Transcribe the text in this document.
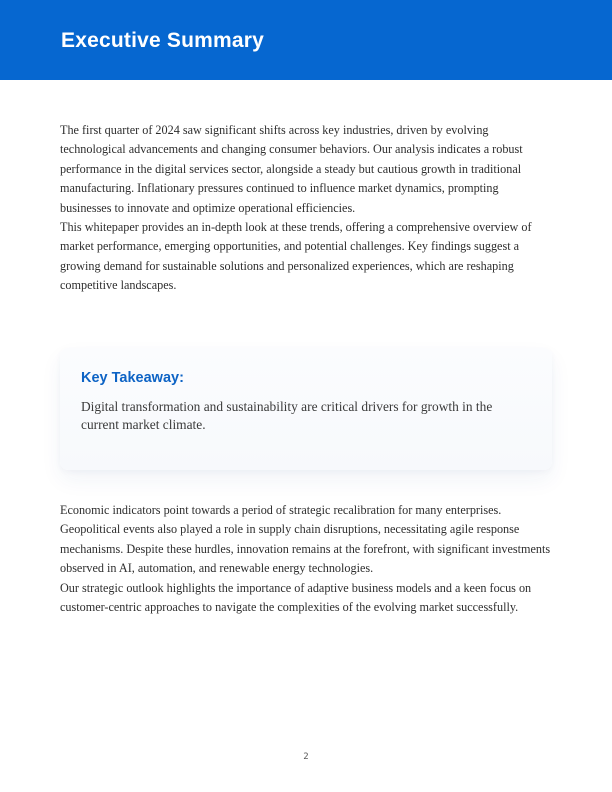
Executive Summary

The first quarter of 2024 saw significant shifts across key industries, driven by evolving technological advancements and changing consumer behaviors. Our analysis indicates a robust performance in the digital services sector, alongside a steady but cautious growth in traditional manufacturing. Inflationary pressures continued to influence market dynamics, prompting businesses to innovate and optimize operational efficiencies.

This whitepaper provides an in-depth look at these trends, offering a comprehensive overview of market performance, emerging opportunities, and potential challenges. Key findings suggest a growing demand for sustainable solutions and personalized experiences, which are reshaping competitive landscapes.

Key Takeaway:

Digital transformation and sustainability are critical drivers for growth in the current market climate.

Economic indicators point towards a period of strategic recalibration for many enterprises. Geopolitical events also played a role in supply chain disruptions, necessitating agile response mechanisms. Despite these hurdles, innovation remains at the forefront, with significant investments observed in AI, automation, and renewable energy technologies.

Our strategic outlook highlights the importance of adaptive business models and a keen focus on customer-centric approaches to navigate the complexities of the evolving market successfully.

2
